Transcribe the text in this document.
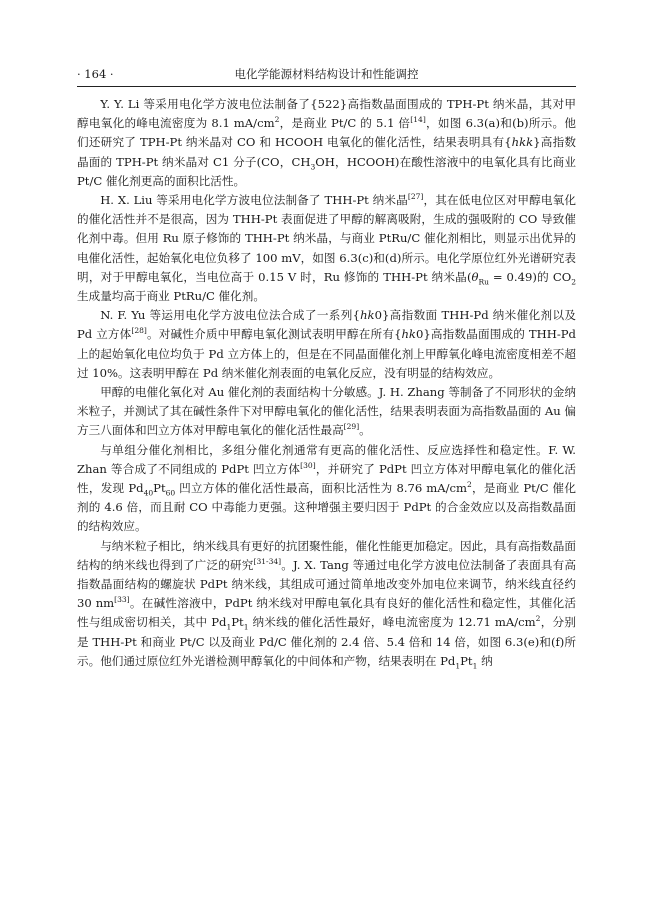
· 164 ·	电化学能源材料结构设计和性能调控

Y. Y. Li 等采用电化学方波电位法制备了{522}高指数晶面围成的 TPH-Pt 纳米晶，其对甲醇电氧化的峰电流密度为 8.1 $mA/cm^2$，是商业 Pt/C 的 5.1 倍[14]，如图 6.3(a)和(b)所示。他们还研究了 TPH-Pt 纳米晶对 CO 和 HCOOH 电氧化的催化活性，结果表明具有{hkk}高指数晶面的 TPH-Pt 纳米晶对 C1 分子(CO，$CH_3OH$，HCOOH)在酸性溶液中的电氧化具有比商业 Pt/C 催化剂更高的面积比活性。

H. X. Liu 等采用电化学方波电位法制备了 THH-Pt 纳米晶[27]，其在低电位区对甲醇电氧化的催化活性并不是很高，因为 THH-Pt 表面促进了甲醇的解离吸附，生成的强吸附的 CO 导致催化剂中毒。但用 Ru 原子修饰的 THH-Pt 纳米晶，与商业 PtRu/C 催化剂相比，则显示出优异的电催化活性，起始氧化电位负移了 100 mV，如图 6.3(c)和(d)所示。电化学原位红外光谱研究表明，对于甲醇电氧化，当电位高于 0.15 V 时，Ru 修饰的 THH-Pt 纳米晶$(\theta_{Ru} = 0.49)$的 $CO_2$ 生成量均高于商业 PtRu/C 催化剂。

N. F. Yu 等运用电化学方波电位法合成了一系列{hk0}高指数面 THH-Pd 纳米催化剂以及 Pd 立方体[28]。对碱性介质中甲醇电氧化测试表明甲醇在所有{hk0}高指数晶面围成的 THH-Pd 上的起始氧化电位均负于 Pd 立方体上的，但是在不同晶面催化剂上甲醇氧化峰电流密度相差不超过 10%。这表明甲醇在 Pd 纳米催化剂表面的电氧化反应，没有明显的结构效应。

甲醇的电催化氧化对 Au 催化剂的表面结构十分敏感。J. H. Zhang 等制备了不同形状的金纳米粒子，并测试了其在碱性条件下对甲醇电氧化的催化活性，结果表明表面为高指数晶面的 Au 偏方三八面体和凹立方体对甲醇电氧化的催化活性最高[29]。

与单组分催化剂相比，多组分催化剂通常有更高的催化活性、反应选择性和稳定性。F. W. Zhan 等合成了不同组成的 PdPt 凹立方体[30]，并研究了 PdPt 凹立方体对甲醇电氧化的催化活性，发现 $Pd_{40}Pt_{60}$ 凹立方体的催化活性最高，面积比活性为 8.76 $mA/cm^2$，是商业 Pt/C 催化剂的 4.6 倍，而且耐 CO 中毒能力更强。这种增强主要归因于 PdPt 的合金效应以及高指数晶面的结构效应。

与纳米粒子相比，纳米线具有更好的抗团聚性能，催化性能更加稳定。因此，具有高指数晶面结构的纳米线也得到了广泛的研究[31-34]。J. X. Tang 等通过电化学方波电位法制备了表面具有高指数晶面结构的螺旋状 PdPt 纳米线，其组成可通过简单地改变外加电位来调节，纳米线直径约 30 nm[33]。在碱性溶液中，PdPt 纳米线对甲醇电氧化具有良好的催化活性和稳定性，其催化活性与组成密切相关，其中 $Pd_1Pt_1$ 纳米线的催化活性最好，峰电流密度为 12.71 $mA/cm^2$，分别是 THH-Pt 和商业 Pt/C 以及商业 Pd/C 催化剂的 2.4 倍、5.4 倍和 14 倍，如图 6.3(e)和(f)所示。他们通过原位红外光谱检测甲醇氧化的中间体和产物，结果表明在 $Pd_1Pt_1$ 纳
